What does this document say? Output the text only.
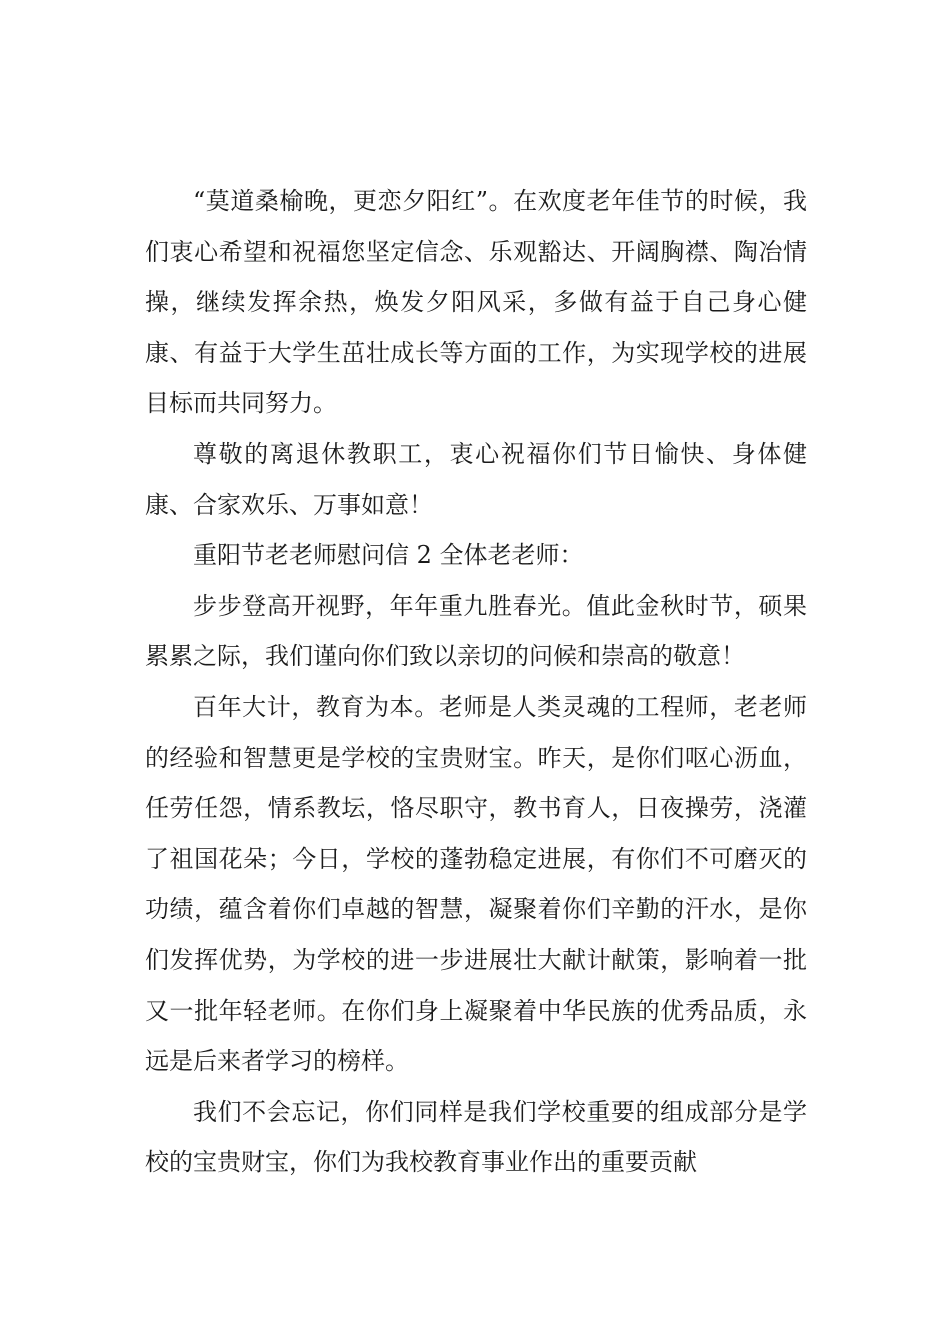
“莫道桑榆晚，更恋夕阳红”。在欢度老年佳节的时候，我们衷心希望和祝福您坚定信念、乐观豁达、开阔胸襟、陶冶情操，继续发挥余热，焕发夕阳风采，多做有益于自己身心健康、有益于大学生茁壮成长等方面的工作，为实现学校的进展目标而共同努力。

尊敬的离退休教职工，衷心祝福你们节日愉快、身体健康、合家欢乐、万事如意！

重阳节老老师慰问信 2 全体老老师：

步步登高开视野，年年重九胜春光。值此金秋时节，硕果累累之际，我们谨向你们致以亲切的问候和崇高的敬意！

百年大计，教育为本。老师是人类灵魂的工程师，老老师的经验和智慧更是学校的宝贵财宝。昨天，是你们呕心沥血，任劳任怨，情系教坛，恪尽职守，教书育人，日夜操劳，浇灌了祖国花朵；今日，学校的蓬勃稳定进展，有你们不可磨灭的功绩，蕴含着你们卓越的智慧，凝聚着你们辛勤的汗水，是你们发挥优势，为学校的进一步进展壮大献计献策，影响着一批又一批年轻老师。在你们身上凝聚着中华民族的优秀品质，永远是后来者学习的榜样。

我们不会忘记，你们同样是我们学校重要的组成部分是学校的宝贵财宝，你们为我校教育事业作出的重要贡献
